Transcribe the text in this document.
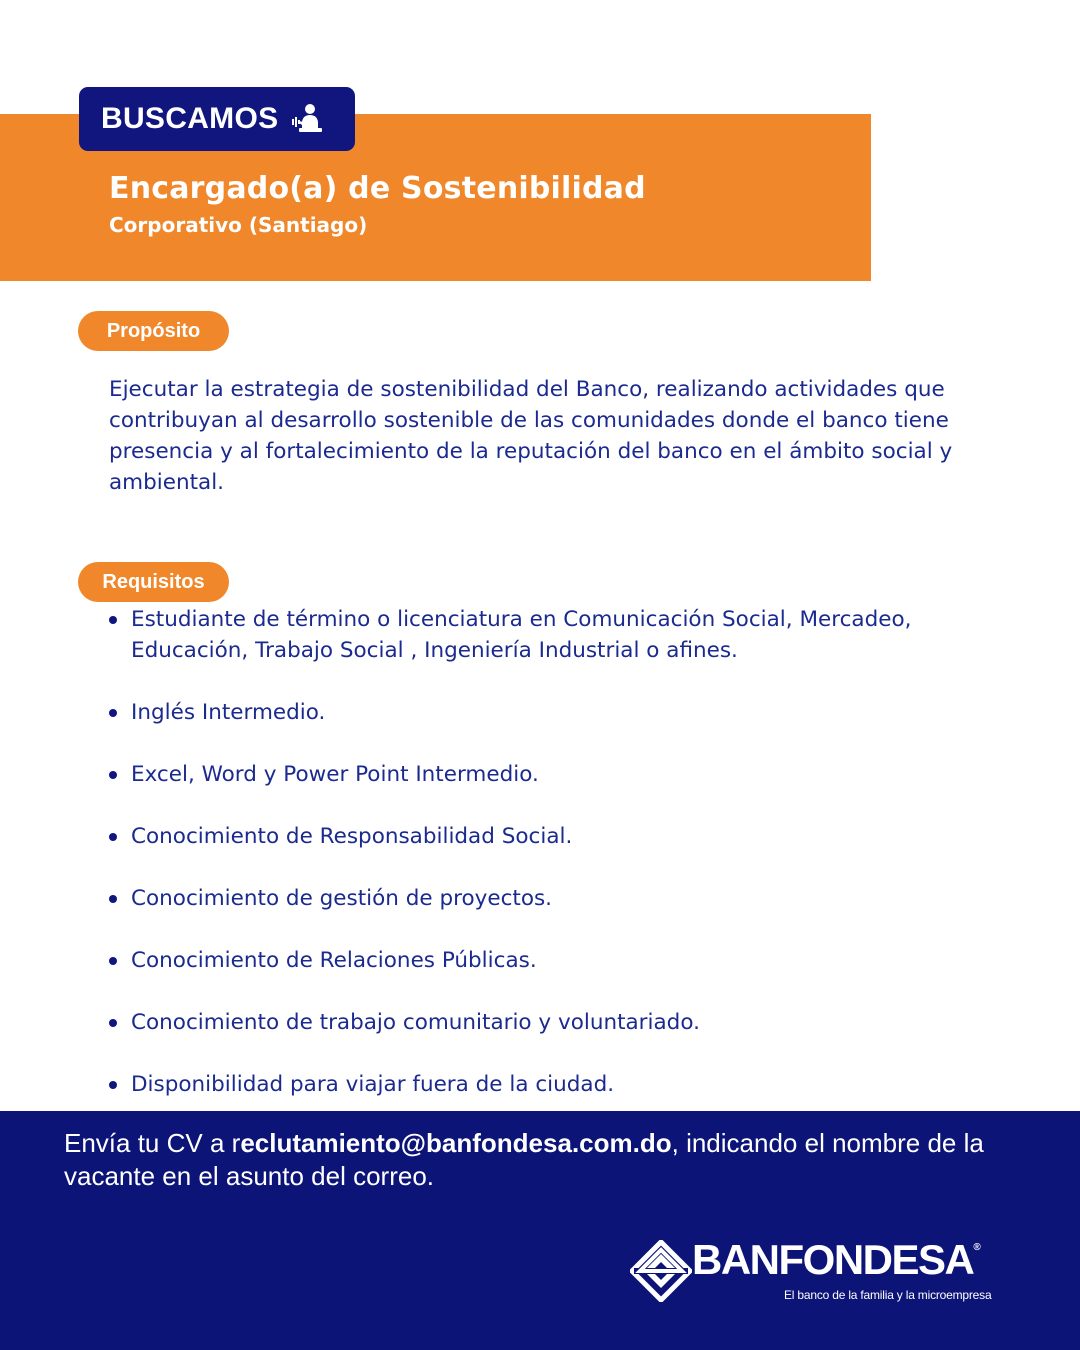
BUSCAMOS
Encargado(a) de Sostenibilidad
Corporativo (Santiago)
Propósito

Ejecutar la estrategia de sostenibilidad del Banco, realizando actividades que contribuyan al desarrollo sostenible de las comunidades donde el banco tiene presencia y al fortalecimiento de la reputación del banco en el ámbito social y ambiental.

Requisitos
Estudiante de término o licenciatura en Comunicación Social, Mercadeo, Educación, Trabajo Social , Ingeniería Industrial o afines.
Inglés Intermedio.
Excel, Word y Power Point Intermedio.
Conocimiento de Responsabilidad Social.
Conocimiento de gestión de proyectos.
Conocimiento de Relaciones Públicas.
Conocimiento de trabajo comunitario y voluntariado.
Disponibilidad para viajar fuera de la ciudad.

Envía tu CV a reclutamiento@banfondesa.com.do, indicando el nombre de la vacante en el asunto del correo.

BANFONDESA®
El banco de la familia y la microempresa
